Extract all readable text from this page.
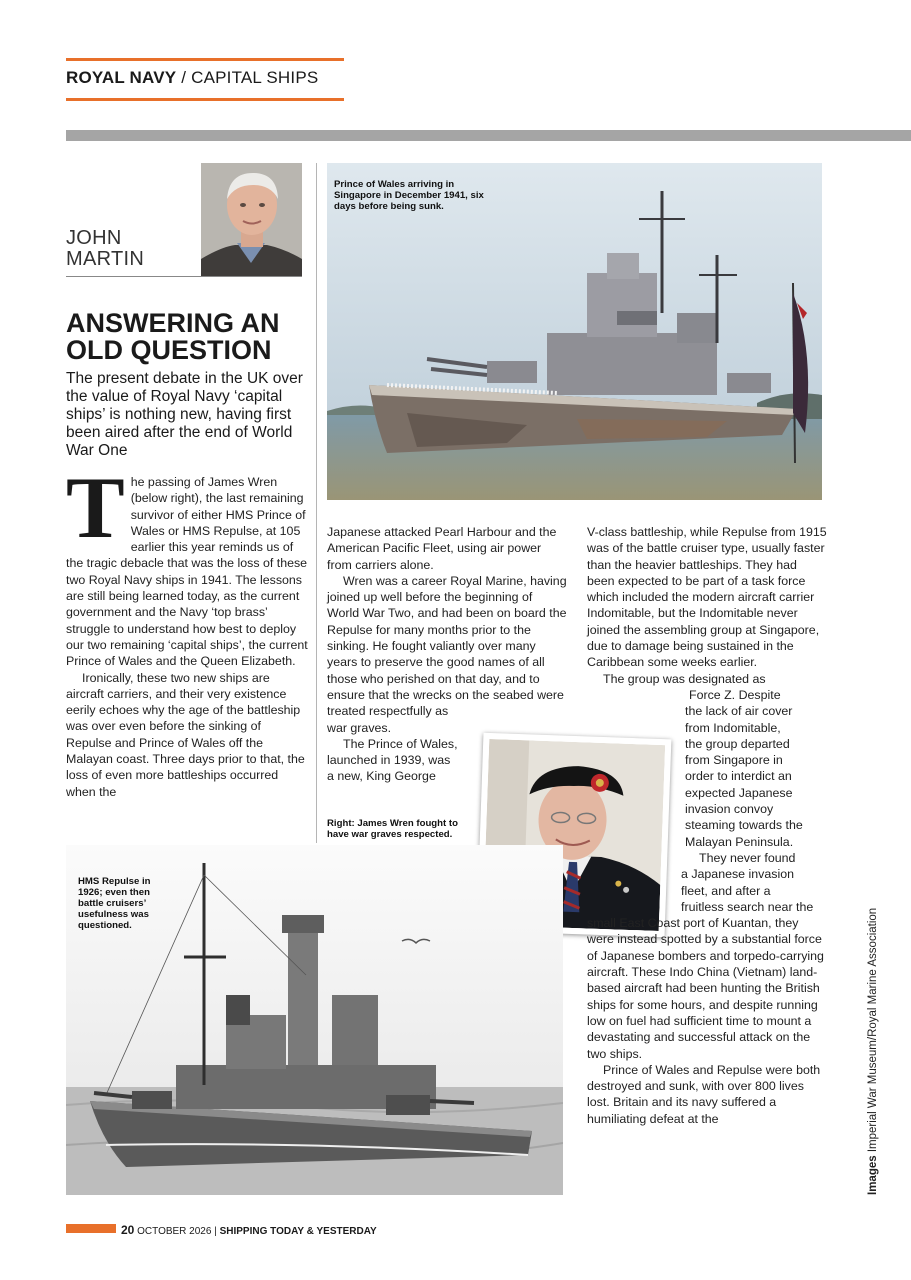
ROYAL NAVY / CAPITAL SHIPS
JOHN
MARTIN
ANSWERING AN OLD QUESTION
The present debate in the UK over the value of Royal Navy ‘capital ships’ is nothing new, having first been aired after the end of World War One

The passing of James Wren (below right), the last remaining survivor of either HMS Prince of Wales or HMS Repulse, at 105 earlier this year reminds us of the tragic debacle that was the loss of these two Royal Navy ships in 1941. The lessons are still being learned today, as the current government and the Navy ‘top brass’ struggle to understand how best to deploy our two remaining ‘capital ships’, the current Prince of Wales and the Queen Elizabeth.

Ironically, these two new ships are aircraft carriers, and their very existence eerily echoes why the age of the battleship was over even before the sinking of Repulse and Prince of Wales off the Malayan coast. Three days prior to that, the loss of even more battleships occurred when the

Prince of Wales arriving in Singapore in December 1941, six days before being sunk.

Japanese attacked Pearl Harbour and the American Pacific Fleet, using air power from carriers alone.

Wren was a career Royal Marine, having joined up well before the beginning of World War Two, and had been on board the Repulse for many months prior to the sinking. He fought valiantly over many years to preserve the good names of all those who perished on that day, and to ensure that the wrecks on the seabed were

treated respectfully as
war graves.

The Prince of Wales,
launched in 1939, was
a new, King George

Right: James Wren fought to have war graves respected.

V-class battleship, while Repulse from 1915 was of the battle cruiser type, usually faster than the heavier battleships. They had been expected to be part of a task force which included the modern aircraft carrier Indomitable, but the Indomitable never joined the assembling group at Singapore, due to damage being sustained in the Caribbean some weeks earlier.

The group was designated as
Force Z. Despite
the lack of air cover
from Indomitable,
the group departed
from Singapore in
order to interdict an
expected Japanese
invasion convoy
steaming towards the
Malayan Peninsula.
They never found
a Japanese invasion
fleet, and after a
fruitless search near the
small East Coast port of Kuantan, they were instead spotted by a substantial force of Japanese bombers and torpedo-carrying aircraft. These Indo China (Vietnam) land-based aircraft had been hunting the British ships for some hours, and despite running low on fuel had sufficient time to mount a devastating and successful attack on the two ships.

Prince of Wales and Repulse were both destroyed and sunk, with over 800 lives lost. Britain and its navy suffered a humiliating defeat at the

HMS Repulse in 1926; even then battle cruisers’ usefulness was questioned.
Images Imperial War Museum/Royal Marine Association
20 OCTOBER 2026 | SHIPPING TODAY & YESTERDAY
